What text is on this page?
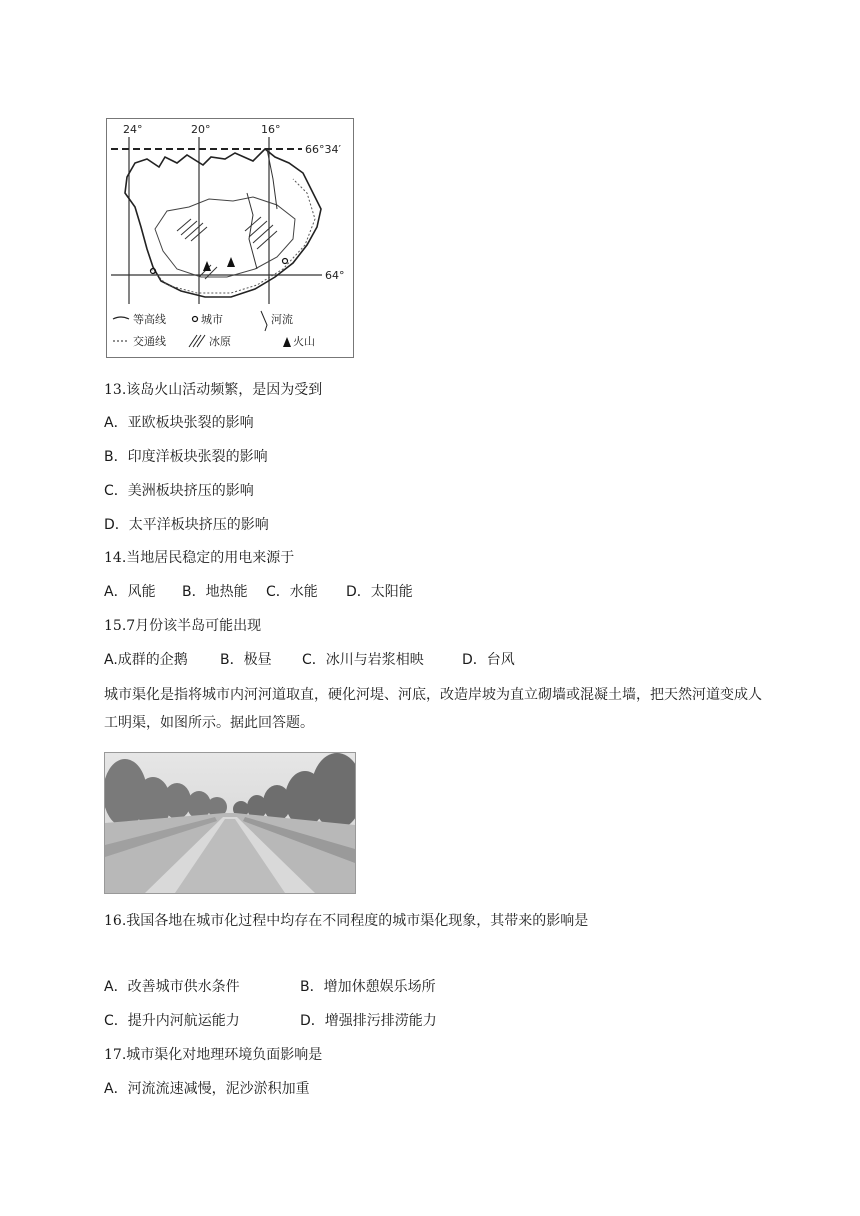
24°	20°	16°
66°34′
64°
等高线	城市	河流
交通线	冰原	火山
13.该岛火山活动频繁，是因为受到
A．亚欧板块张裂的影响
B．印度洋板块张裂的影响
C．美洲板块挤压的影响
D．太平洋板块挤压的影响
14.当地居民稳定的用电来源于
A．风能 B．地热能 C．水能 D．太阳能
15.7月份该半岛可能出现
A.成群的企鹅 B．极昼 C．冰川与岩浆相映	D．台风
城市渠化是指将城市内河河道取直，硬化河堤、河底，改造岸坡为直立砌墙或混凝土墙，把天然河道变成人工明渠，如图所示。据此回答题。
16.我国各地在城市化过程中均存在不同程度的城市渠化现象，其带来的影响是
A．改善城市供水条件	B．增加休憩娱乐场所
C．提升内河航运能力	D．增强排污排涝能力
17.城市渠化对地理环境负面影响是
A．河流流速减慢，泥沙淤积加重
